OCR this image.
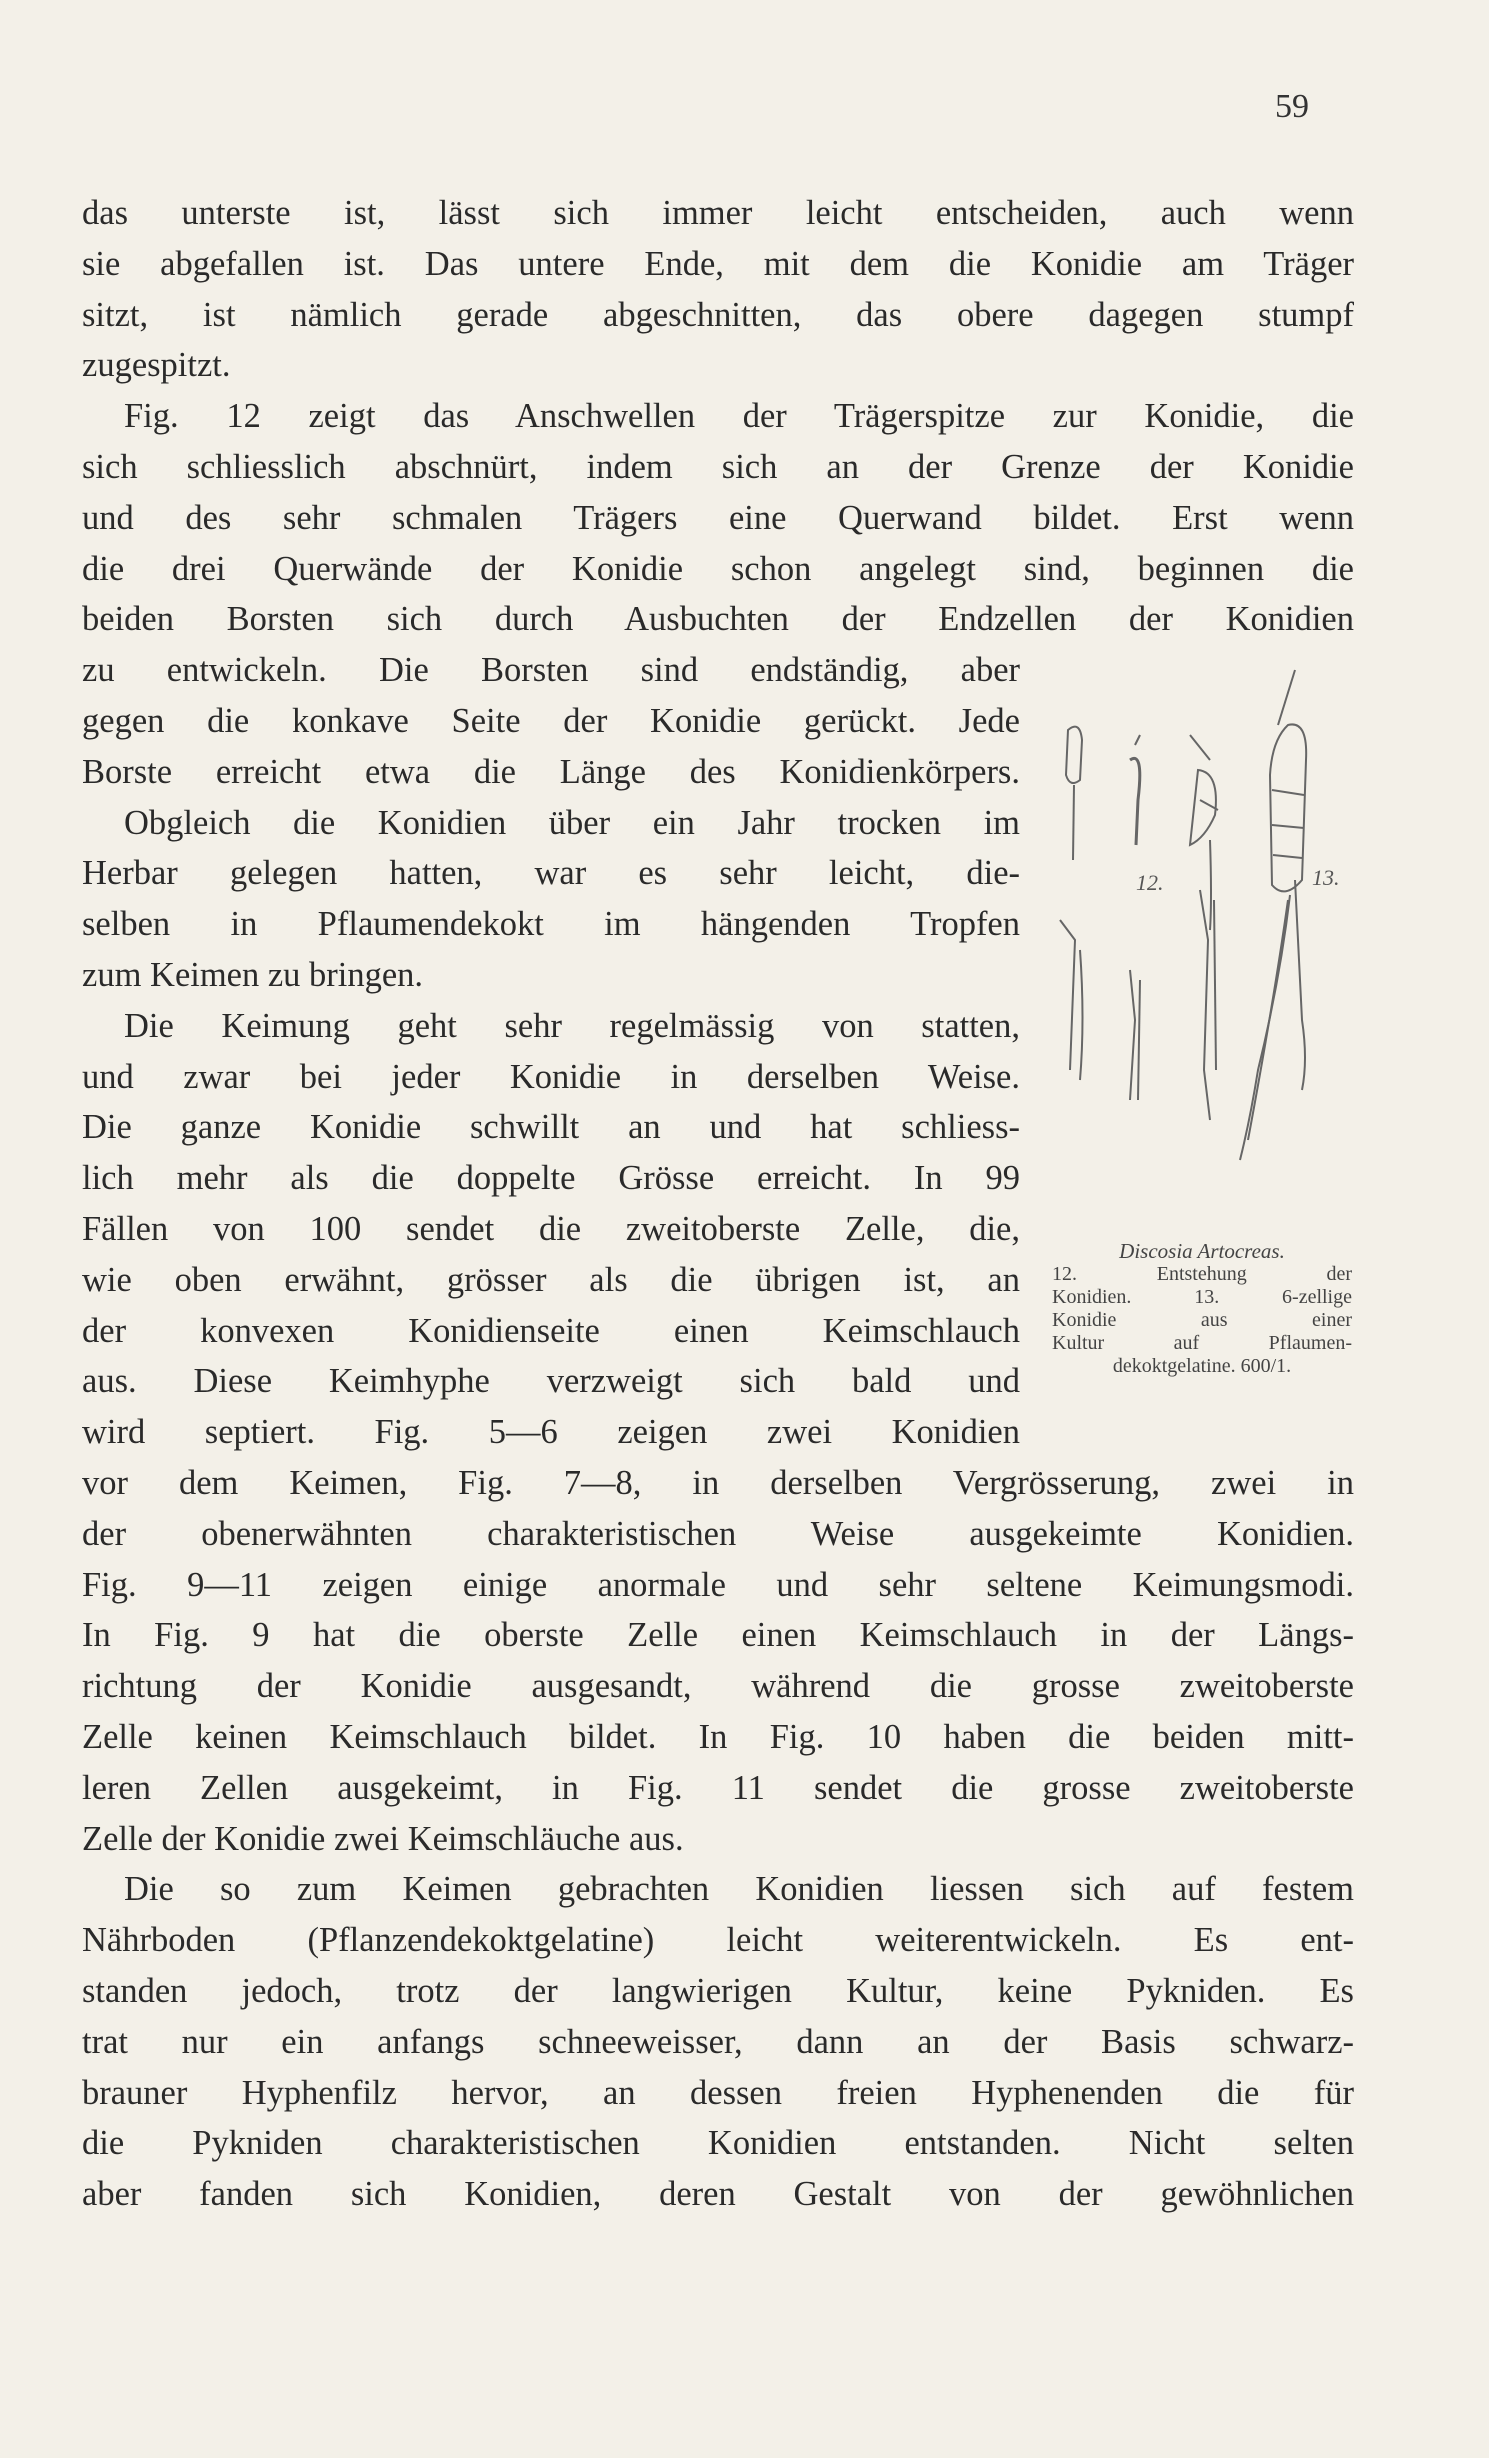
59
das unterste ist, lässt sich immer leicht entscheiden, auch wenn
sie abgefallen ist. Das untere Ende, mit dem die Konidie am Träger
sitzt, ist nämlich gerade abgeschnitten, das obere dagegen stumpf
zugespitzt.
Fig. 12 zeigt das Anschwellen der Trägerspitze zur Konidie, die
sich schliesslich abschnürt, indem sich an der Grenze der Konidie
und des sehr schmalen Trägers eine Querwand bildet. Erst wenn
die drei Querwände der Konidie schon angelegt sind, beginnen die
beiden Borsten sich durch Ausbuchten der Endzellen der Konidien
zu entwickeln. Die Borsten sind endständig, aber
gegen die konkave Seite der Konidie gerückt. Jede
Borste erreicht etwa die Länge des Konidienkörpers.
Obgleich die Konidien über ein Jahr trocken im
Herbar gelegen hatten, war es sehr leicht, die-
selben in Pflaumendekokt im hängenden Tropfen
zum Keimen zu bringen.
Die Keimung geht sehr regelmässig von statten,
und zwar bei jeder Konidie in derselben Weise.
Die ganze Konidie schwillt an und hat schliess-
lich mehr als die doppelte Grösse erreicht. In 99
Fällen von 100 sendet die zweitoberste Zelle, die,
wie oben erwähnt, grösser als die übrigen ist, an
der konvexen Konidienseite einen Keimschlauch
aus. Diese Keimhyphe verzweigt sich bald und
wird septiert. Fig. 5—6 zeigen zwei Konidien
vor dem Keimen, Fig. 7—8, in derselben Vergrösserung, zwei in
der obenerwähnten charakteristischen Weise ausgekeimte Konidien.
Fig. 9—11 zeigen einige anormale und sehr seltene Keimungsmodi.
In Fig. 9 hat die oberste Zelle einen Keimschlauch in der Längs-
richtung der Konidie ausgesandt, während die grosse zweitoberste
Zelle keinen Keimschlauch bildet. In Fig. 10 haben die beiden mitt-
leren Zellen ausgekeimt, in Fig. 11 sendet die grosse zweitoberste
Zelle der Konidie zwei Keimschläuche aus.
Die so zum Keimen gebrachten Konidien liessen sich auf festem
Nährboden (Pflanzendekoktgelatine) leicht weiterentwickeln. Es ent-
standen jedoch, trotz der langwierigen Kultur, keine Pykniden. Es
trat nur ein anfangs schneeweisser, dann an der Basis schwarz-
brauner Hyphenfilz hervor, an dessen freien Hyphenenden die für
die Pykniden charakteristischen Konidien entstanden. Nicht selten
aber fanden sich Konidien, deren Gestalt von der gewöhnlichen
12.	13.
Discosia Artocreas.
12. Entstehung der
Konidien. 13. 6-zellige
Konidie aus einer
Kultur auf Pflaumen-
dekoktgelatine. 600/1.
